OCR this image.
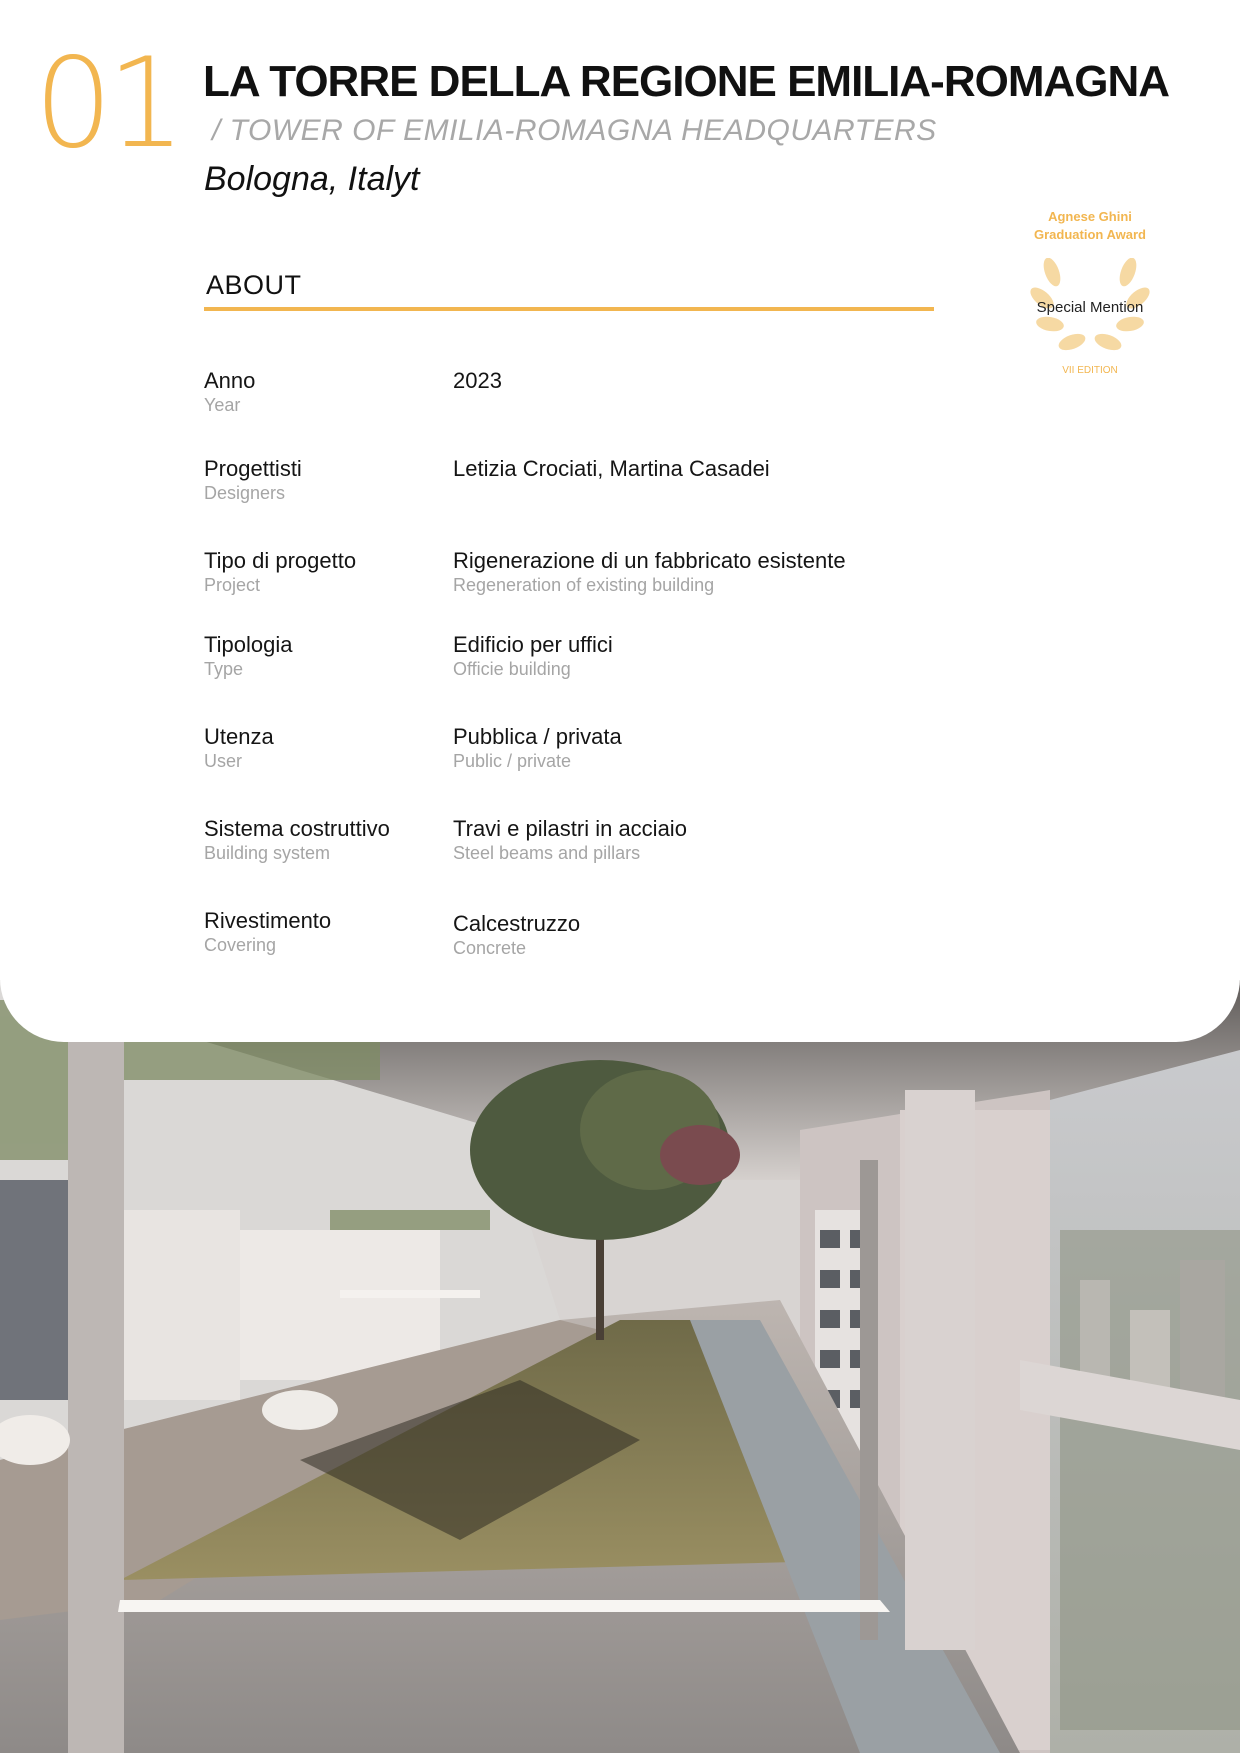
01 LA TORRE DELLA REGIONE EMILIA-ROMAGNA
/ TOWER OF EMILIA-ROMAGNA HEADQUARTERS
Bologna, Italyt
ABOUT
Anno
Year
2023
Progettisti
Designers
Letizia Crociati, Martina Casadei
Tipo di progetto
Project
Rigenerazione di un fabbricato esistente
Regeneration of existing building
Tipologia
Type
Edificio per uffici
Officie building
Utenza
User
Pubblica / privata
Public / private
Sistema costruttivo
Building system
Travi e pilastri in acciaio
Steel beams and pillars
Rivestimento
Covering
Calcestruzzo
Concrete
Agnese Ghini
Graduation Award
Special Mention
VII EDITION
